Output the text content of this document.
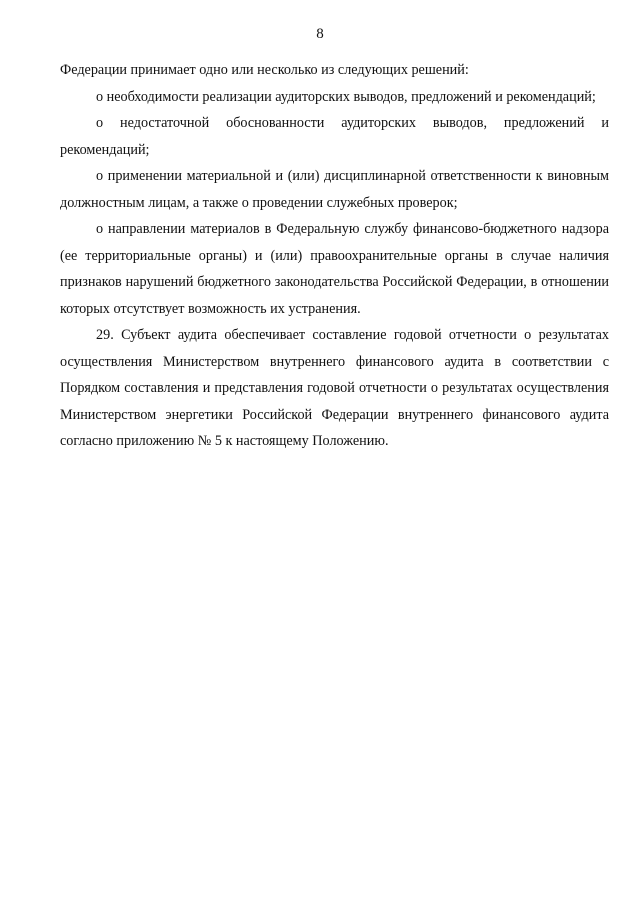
8

Федерации принимает одно или несколько из следующих решений:

о необходимости реализации аудиторских выводов, предложений и рекомендаций;

о недостаточной обоснованности аудиторских выводов, предложений и рекомендаций;

о применении материальной и (или) дисциплинарной ответственности к виновным должностным лицам, а также о проведении служебных проверок;

о направлении материалов в Федеральную службу финансово-бюджетного надзора (ее территориальные органы) и (или) правоохранительные органы в случае наличия признаков нарушений бюджетного законодательства Российской Федерации, в отношении которых отсутствует возможность их устранения.

29. Субъект аудита обеспечивает составление годовой отчетности о результатах осуществления Министерством внутреннего финансового аудита в соответствии с Порядком составления и представления годовой отчетности о результатах осуществления Министерством энергетики Российской Федерации внутреннего финансового аудита согласно приложению № 5 к настоящему Положению.
